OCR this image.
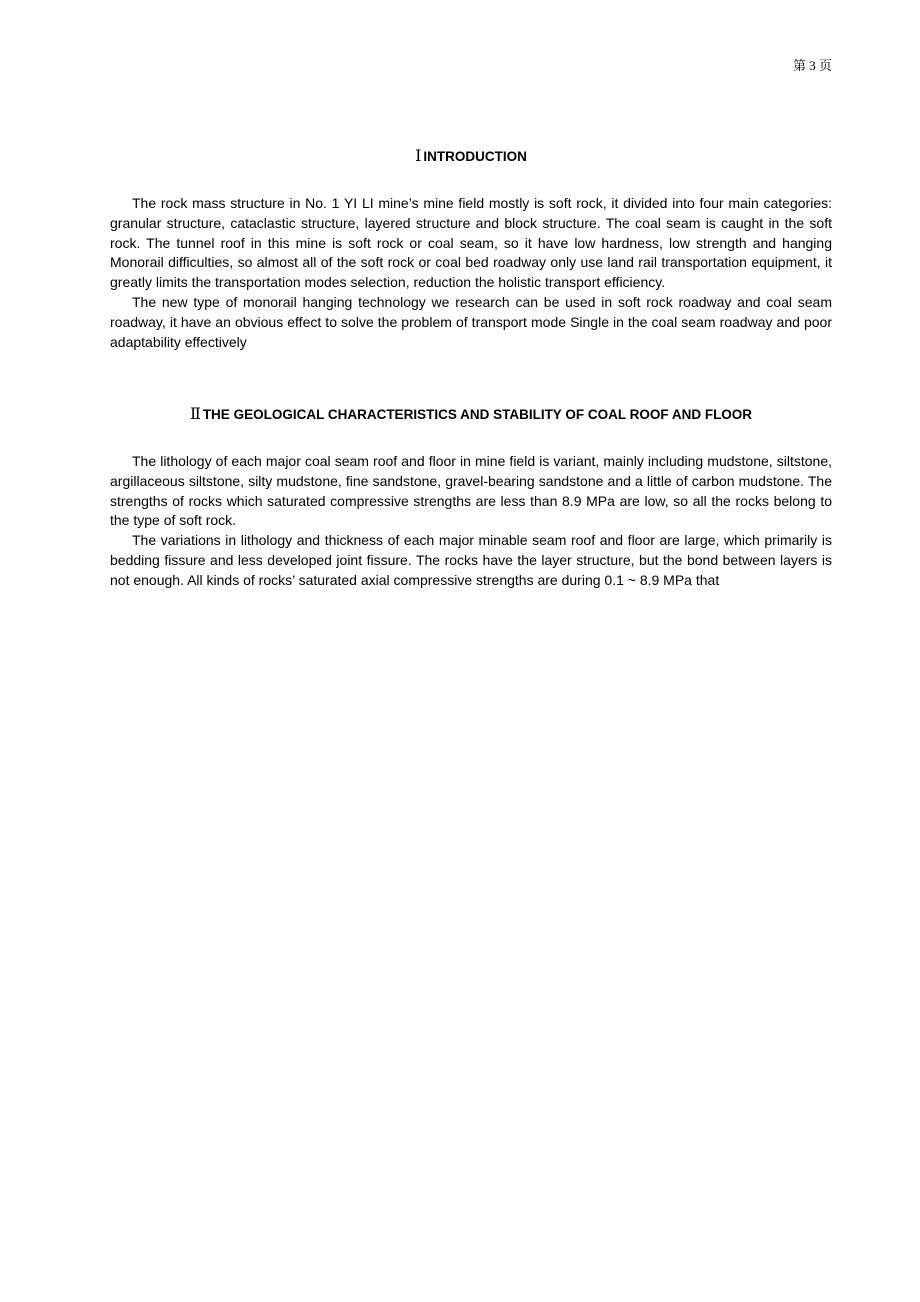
第 3 页
Ⅰ INTRODUCTION

The rock mass structure in No. 1 YI LI mine’s mine field mostly is soft rock, it divided into four main categories: granular structure, cataclastic structure, layered structure and block structure. The coal seam is caught in the soft rock. The tunnel roof in this mine is soft rock or coal seam, so it have low hardness, low strength and hanging Monorail difficulties, so almost all of the soft rock or coal bed roadway only use land rail transportation equipment, it greatly limits the transportation modes selection, reduction the holistic transport efficiency.

The new type of monorail hanging technology we research can be used in soft rock roadway and coal seam roadway, it have an obvious effect to solve the problem of transport mode Single in the coal seam roadway and poor adaptability effectively

Ⅱ THE GEOLOGICAL CHARACTERISTICS AND STABILITY OF COAL ROOF AND FLOOR

The lithology of each major coal seam roof and floor in mine field is variant, mainly including mudstone, siltstone, argillaceous siltstone, silty mudstone, fine sandstone, gravel-bearing sandstone and a little of carbon mudstone. The strengths of rocks which saturated compressive strengths are less than 8.9 MPa are low, so all the rocks belong to the type of soft rock.

The variations in lithology and thickness of each major minable seam roof and floor are large, which primarily is bedding fissure and less developed joint fissure. The rocks have the layer structure, but the bond between layers is not enough. All kinds of rocks’ saturated axial compressive strengths are during 0.1 ~ 8.9 MPa that
